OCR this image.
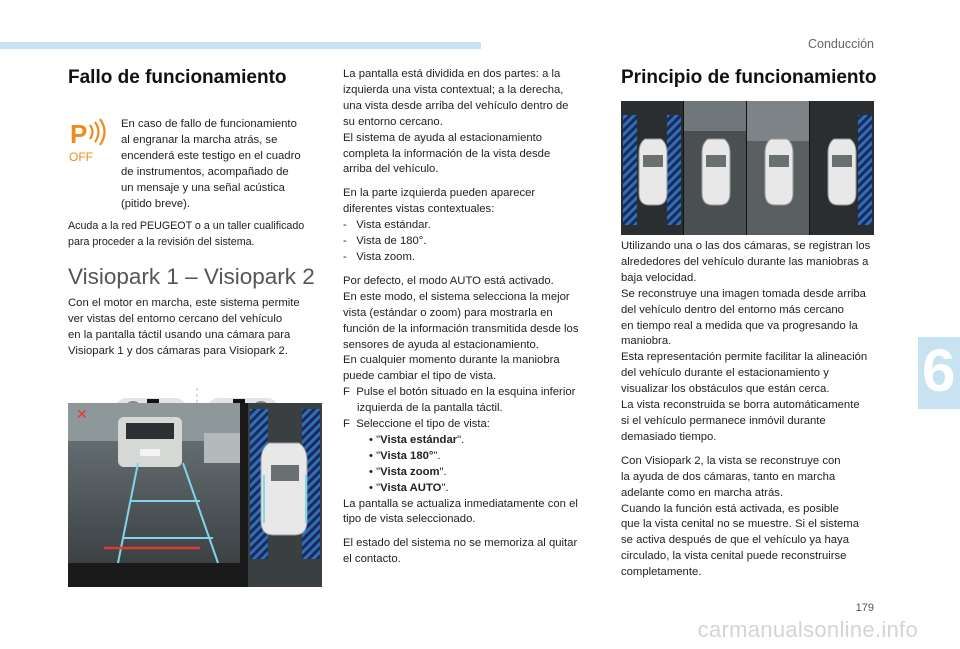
Conducción
6
179
carmanualsonline.info
Fallo de funcionamiento
P
OFF

En caso de fallo de funcionamiento
al engranar la marcha atrás, se
encenderá este testigo en el cuadro
de instrumentos, acompañado de
un mensaje y una señal acústica
(pitido breve).

Acuda a la red PEUGEOT o a un taller cualificado
para proceder a la revisión del sistema.

Visiopark 1 – Visiopark 2

Con el motor en marcha, este sistema permite
ver vistas del entorno cercano del vehículo
en la pantalla táctil usando una cámara para
Visiopark 1 y dos cámaras para Visiopark 2.

✕

La pantalla está dividida en dos partes: a la
izquierda una vista contextual; a la derecha,
una vista desde arriba del vehículo dentro de
su entorno cercano.
El sistema de ayuda al estacionamiento
completa la información de la vista desde
arriba del vehículo.

En la parte izquierda pueden aparecer
diferentes vistas contextuales:

-   Vista estándar.

-   Vista de 180°.

-   Vista zoom.

Por defecto, el modo AUTO está activado.
En este modo, el sistema selecciona la mejor
vista (estándar o zoom) para mostrarla en
función de la información transmitida desde los
sensores de ayuda al estacionamiento.
En cualquier momento durante la maniobra
puede cambiar el tipo de vista.

F  Pulse el botón situado en la esquina inferior
izquierda de la pantalla táctil.

F  Seleccione el tipo de vista:

• "Vista estándar".

• "Vista 180°".

• "Vista zoom".

• "Vista AUTO".

La pantalla se actualiza inmediatamente con el
tipo de vista seleccionado.

El estado del sistema no se memoriza al quitar
el contacto.

Principio de funcionamiento

Utilizando una o las dos cámaras, se registran los
alrededores del vehículo durante las maniobras a
baja velocidad.
Se reconstruye una imagen tomada desde arriba
del vehículo dentro del entorno más cercano
en tiempo real a medida que va progresando la
maniobra.
Esta representación permite facilitar la alineación
del vehículo durante el estacionamiento y
visualizar los obstáculos que están cerca.
La vista reconstruida se borra automáticamente
si el vehículo permanece inmóvil durante
demasiado tiempo.

Con Visiopark 2, la vista se reconstruye con
la ayuda de dos cámaras, tanto en marcha
adelante como en marcha atrás.
Cuando la función está activada, es posible
que la vista cenital no se muestre. Si el sistema
se activa después de que el vehículo ya haya
circulado, la vista cenital puede reconstruirse
completamente.
